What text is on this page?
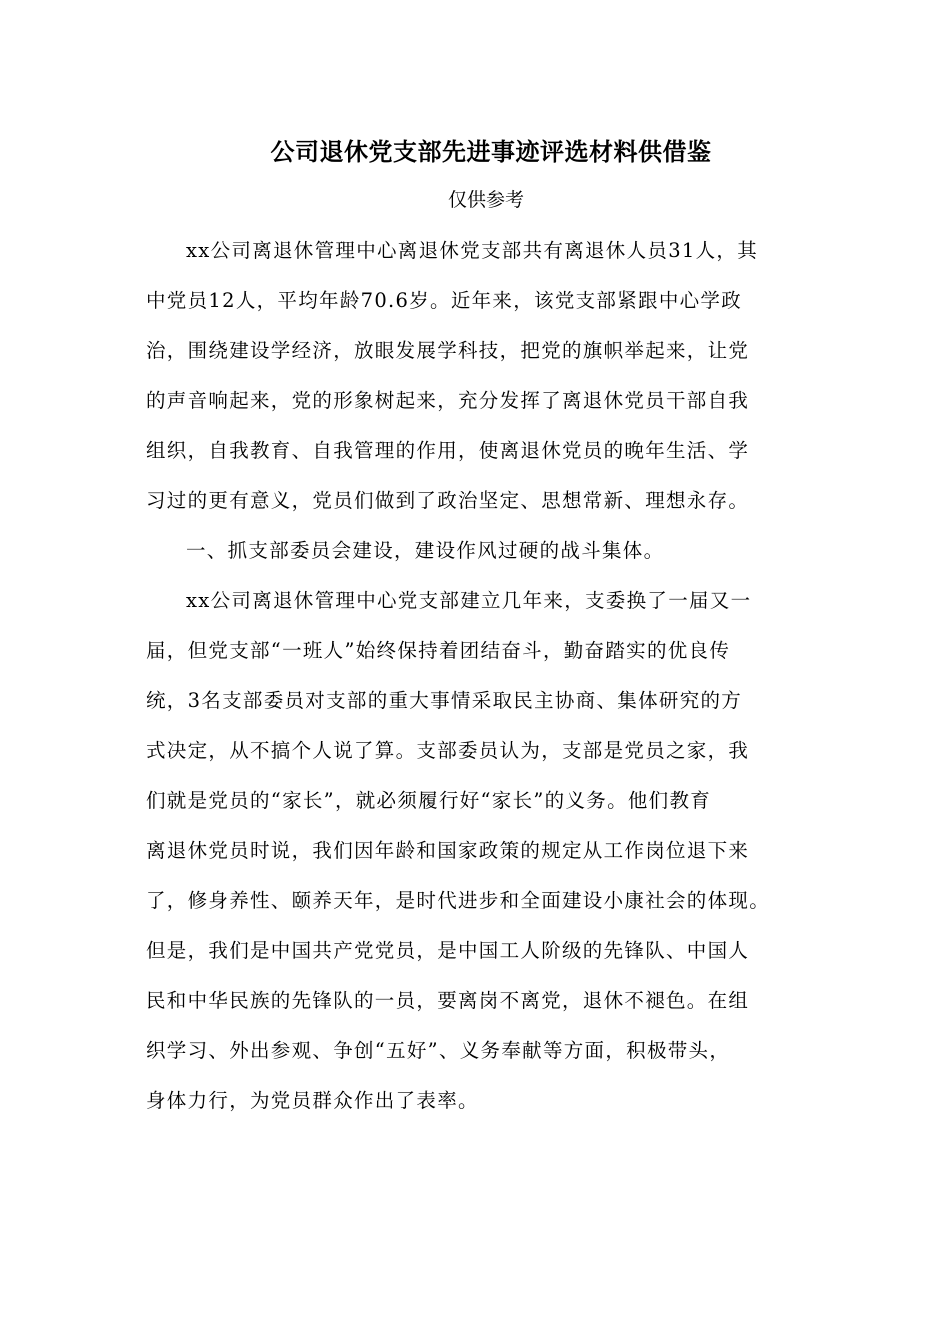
公司退休党支部先进事迹评选材料供借鉴
仅供参考
xx公司离退休管理中心离退休党支部共有离退休人员31人，其
中党员12人，平均年龄70.6岁。近年来，该党支部紧跟中心学政
治，围绕建设学经济，放眼发展学科技，把党的旗帜举起来，让党
的声音响起来，党的形象树起来，充分发挥了离退休党员干部自我
组织，自我教育、自我管理的作用，使离退休党员的晚年生活、学
习过的更有意义，党员们做到了政治坚定、思想常新、理想永存。
一、抓支部委员会建设，建设作风过硬的战斗集体。
xx公司离退休管理中心党支部建立几年来，支委换了一届又一
届，但党支部“一班人”始终保持着团结奋斗，勤奋踏实的优良传
统，3名支部委员对支部的重大事情采取民主协商、集体研究的方
式决定，从不搞个人说了算。支部委员认为，支部是党员之家，我
们就是党员的“家长”，就必须履行好“家长”的义务。他们教育
离退休党员时说，我们因年龄和国家政策的规定从工作岗位退下来
了，修身养性、颐养天年，是时代进步和全面建设小康社会的体现。
但是，我们是中国共产党党员，是中国工人阶级的先锋队、中国人
民和中华民族的先锋队的一员，要离岗不离党，退休不褪色。在组
织学习、外出参观、争创“五好”、义务奉献等方面，积极带头，
身体力行，为党员群众作出了表率。
